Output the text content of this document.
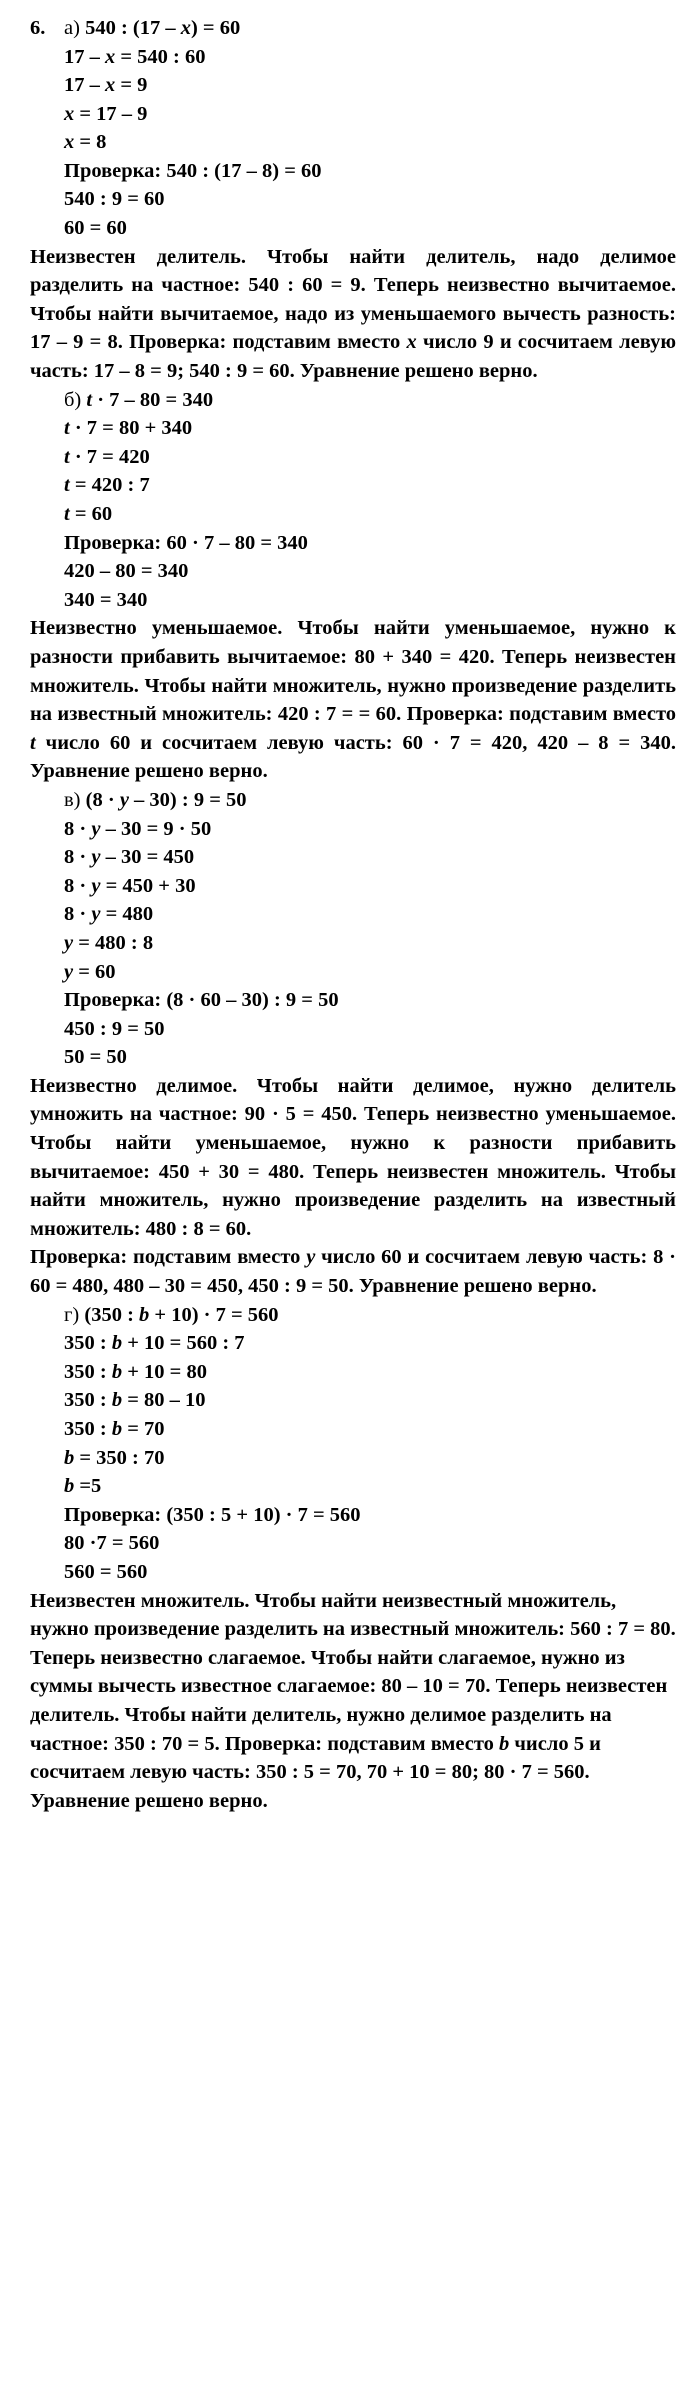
6. а) 540 : (17 – x) = 60
17 – x = 540 : 60
17 – x = 9
x = 17 – 9
x = 8
Проверка: 540 : (17 – 8) = 60
540 : 9 = 60
60 = 60

Неизвестен делитель. Чтобы найти делитель, надо делимое разделить на частное: 540 : 60 = 9. Теперь неизвестно вычитаемое. Чтобы найти вычитаемое, надо из уменьшаемого вычесть разность: 17 – 9 = 8. Проверка: подставим вместо x число 9 и сосчитаем левую часть: 17 – 8 = 9; 540 : 9 = 60. Уравнение решено верно.

б) t · 7 – 80 = 340
t · 7 = 80 + 340
t · 7 = 420
t = 420 : 7
t = 60
Проверка: 60 · 7 – 80 = 340
420 – 80 = 340
340 = 340

Неизвестно уменьшаемое. Чтобы найти уменьшаемое, нужно к разности прибавить вычитаемое: 80 + 340 = 420. Теперь неизвестен множитель. Чтобы найти множитель, нужно произведение разделить на известный множитель: 420 : 7 = = 60. Проверка: подставим вместо t число 60 и сосчитаем левую часть: 60 · 7 = 420, 420 – 8 = 340. Уравнение решено верно.

в) (8 · y – 30) : 9 = 50
8 · y – 30 = 9 · 50
8 · y – 30 = 450
8 · y = 450 + 30
8 · y = 480
y = 480 : 8
y = 60
Проверка: (8 · 60 – 30) : 9 = 50
450 : 9 = 50
50 = 50

Неизвестно делимое. Чтобы найти делимое, нужно делитель умножить на частное: 90 · 5 = 450. Теперь неизвестно уменьшаемое. Чтобы найти уменьшаемое, нужно к разности прибавить вычитаемое: 450 + 30 = 480. Теперь неизвестен множитель. Чтобы найти множитель, нужно произведение разделить на известный множитель: 480 : 8 = 60.

Проверка: подставим вместо y число 60 и сосчитаем левую часть: 8 · 60 = 480, 480 – 30 = 450, 450 : 9 = 50. Уравнение решено верно.

г) (350 : b + 10) · 7 = 560
350 : b + 10 = 560 : 7
350 : b + 10 = 80
350 : b = 80 – 10
350 : b = 70
b = 350 : 70
b =5
Проверка: (350 : 5 + 10) · 7 = 560
80 ·7 = 560
560 = 560

Неизвестен множитель. Чтобы найти неизвестный множитель, нужно произведение разделить на известный множитель: 560 : 7 = 80. Теперь неизвестно слагаемое. Чтобы найти слагаемое, нужно из суммы вычесть известное слагаемое: 80 – 10 = 70. Теперь неизвестен делитель. Чтобы найти делитель, нужно делимое разделить на частное: 350 : 70 = 5. Проверка: подставим вместо b число 5 и сосчитаем левую часть: 350 : 5 = 70, 70 + 10 = 80; 80 · 7 = 560. Уравнение решено верно.
